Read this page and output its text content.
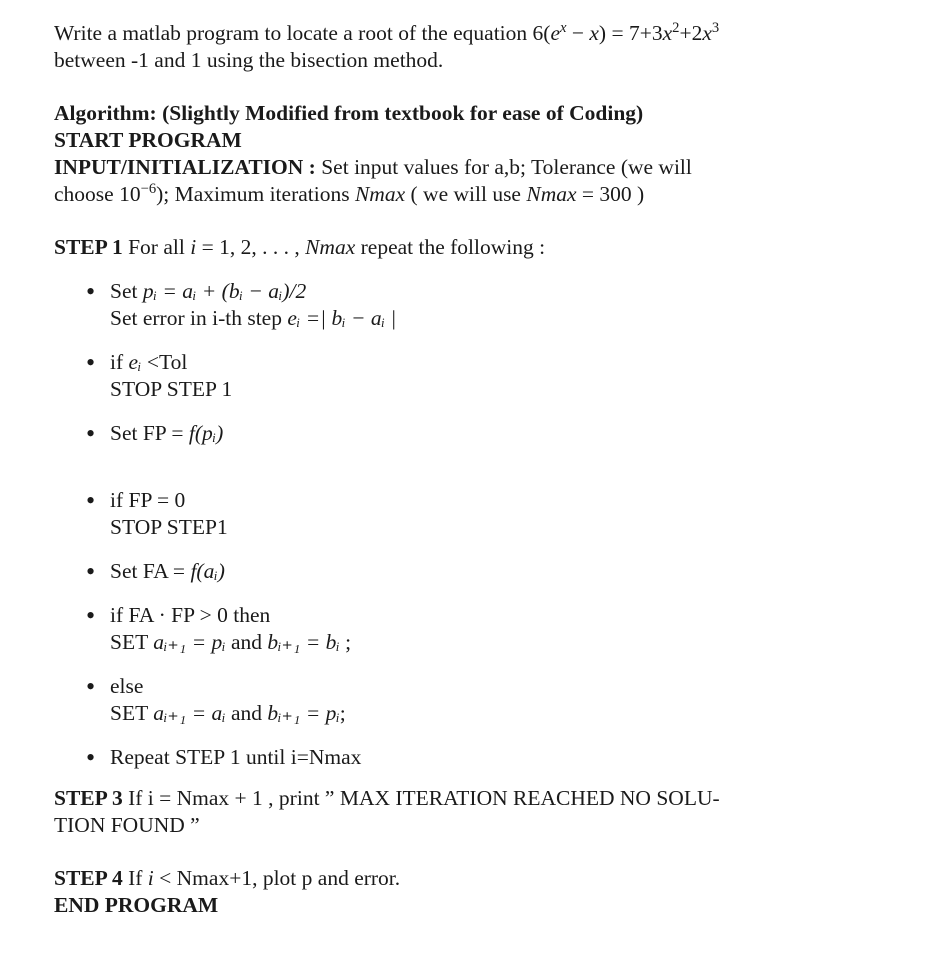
Write a matlab program to locate a root of the equation $6(e^x - x) = 7+3x^2+2x^3$

between -1 and 1 using the bisection method.

Algorithm: (Slightly Modified from textbook for ease of Coding)

START PROGRAM

INPUT/INITIALIZATION : Set input values for a,b; Tolerance (we will

choose $10^{-6}$); Maximum iterations Nmax ( we will use Nmax = 300 )

STEP 1 For all i = 1, 2, . . . , Nmax repeat the following :

• Set pᵢ = aᵢ + (bᵢ − aᵢ)/2
Set error in i-th step eᵢ =| bᵢ − aᵢ |
• if eᵢ <Tol
STOP STEP 1
• Set FP = f(pᵢ)
• if FP = 0
STOP STEP1
• Set FA = f(aᵢ)
• if FA · FP > 0 then
SET aᵢ₊₁ = pᵢ and bᵢ₊₁ = bᵢ ;
• else
SET aᵢ₊₁ = aᵢ and bᵢ₊₁ = pᵢ;
• Repeat STEP 1 until i=Nmax

STEP 3 If i = Nmax + 1 , print ” MAX ITERATION REACHED NO SOLU-

TION FOUND ”

STEP 4 If i < Nmax+1, plot p and error.

END PROGRAM
